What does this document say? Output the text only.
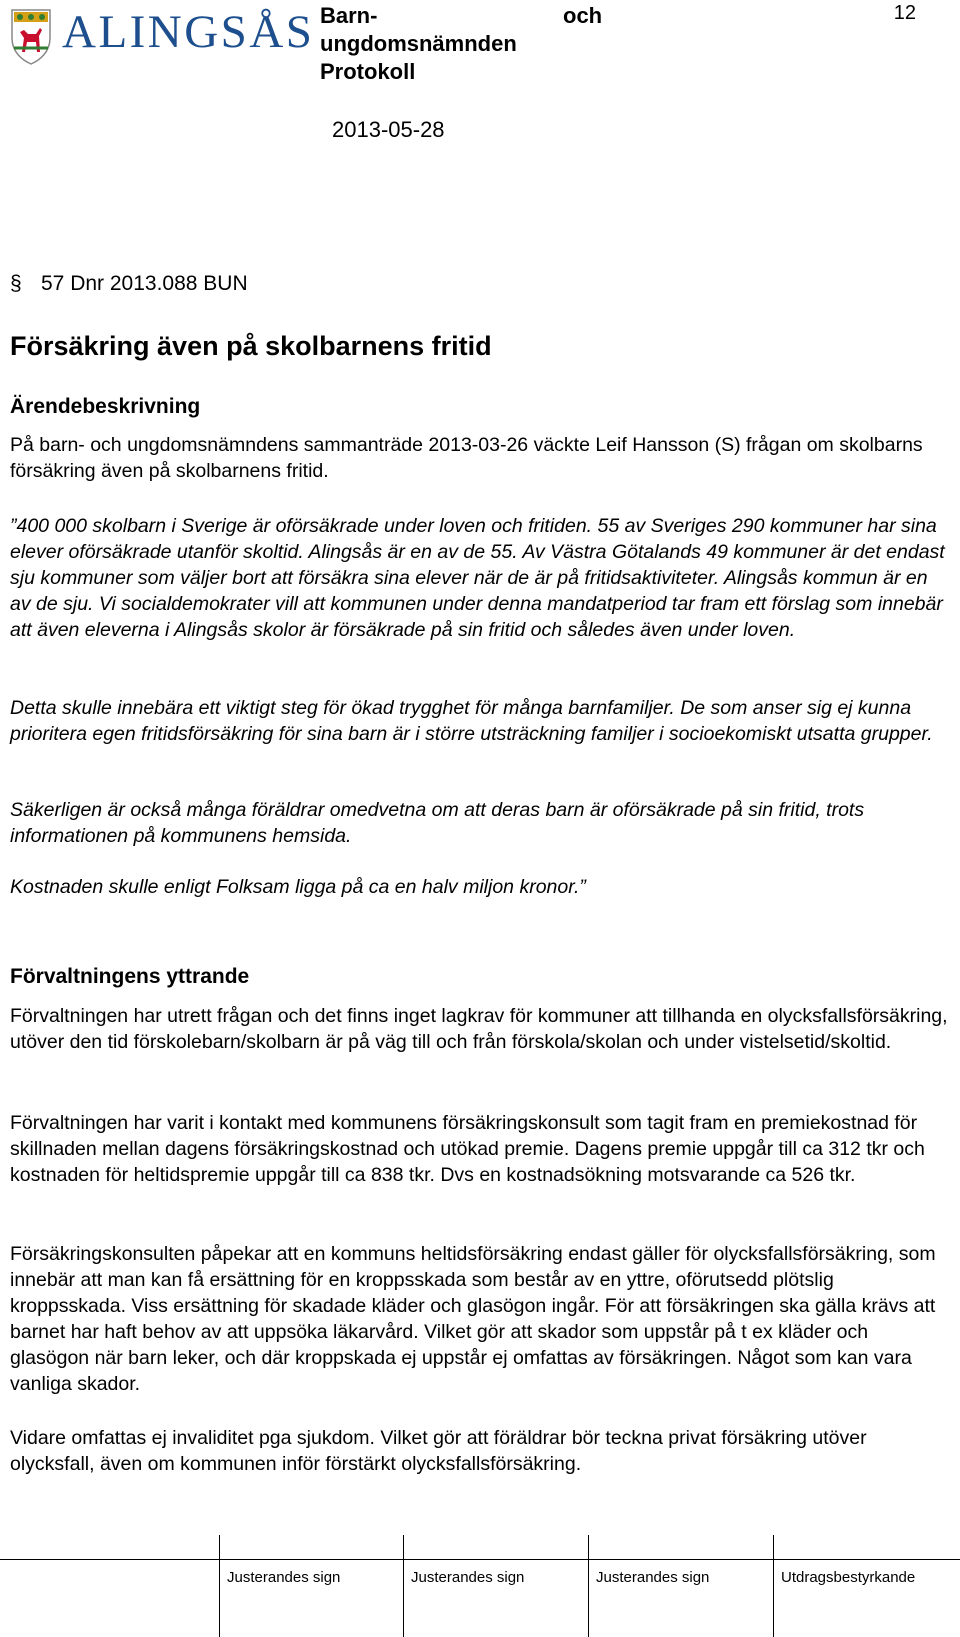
ALINGSÅS Barn-	och
ungdomsnämnden
Protokoll
2013-05-28
12
§ 57 Dnr 2013.088 BUN
Försäkring även på skolbarnens fritid
Ärendebeskrivning
På barn- och ungdomsnämndens sammanträde 2013-03-26 väckte Leif Hansson (S) frågan om skolbarns försäkring även på skolbarnens fritid.
”400 000 skolbarn i Sverige är oförsäkrade under loven och fritiden. 55 av Sveriges 290 kommuner har sina elever oförsäkrade utanför skoltid. Alingsås är en av de 55. Av Västra Götalands 49 kommuner är det endast sju kommuner som väljer bort att försäkra sina elever när de är på fritidsaktiviteter. Alingsås kommun är en av de sju. Vi socialdemokrater vill att kommunen under denna mandatperiod tar fram ett förslag som innebär att även eleverna i Alingsås skolor är försäkrade på sin fritid och således även under loven.
Detta skulle innebära ett viktigt steg för ökad trygghet för många barnfamiljer. De som anser sig ej kunna prioritera egen fritidsförsäkring för sina barn är i större utsträckning familjer i socioekomiskt utsatta grupper.
Säkerligen är också många föräldrar omedvetna om att deras barn är oförsäkrade på sin fritid, trots informationen på kommunens hemsida.
Kostnaden skulle enligt Folksam ligga på ca en halv miljon kronor.”
Förvaltningens yttrande
Förvaltningen har utrett frågan och det finns inget lagkrav för kommuner att tillhanda en olycksfallsförsäkring, utöver den tid förskolebarn/skolbarn är på väg till och från förskola/skolan och under vistelsetid/skoltid.
Förvaltningen har varit i kontakt med kommunens försäkringskonsult som tagit fram en premiekostnad för skillnaden mellan dagens försäkringskostnad och utökad premie. Dagens premie uppgår till ca 312 tkr och kostnaden för heltidspremie uppgår till ca 838 tkr. Dvs en kostnadsökning motsvarande ca 526 tkr.
Försäkringskonsulten påpekar att en kommuns heltidsförsäkring endast gäller för olycksfallsförsäkring, som innebär att man kan få ersättning för en kroppsskada som består av en yttre, oförutsedd plötslig kroppsskada. Viss ersättning för skadade kläder och glasögon ingår. För att försäkringen ska gälla krävs att barnet har haft behov av att uppsöka läkarvård. Vilket gör att skador som uppstår på t ex kläder och glasögon när barn leker, och där kroppskada ej uppstår ej omfattas av försäkringen. Något som kan vara vanliga skador.
Vidare omfattas ej invaliditet pga sjukdom. Vilket gör att föräldrar bör teckna privat försäkring utöver olycksfall, även om kommunen inför förstärkt olycksfallsförsäkring.
Justerandes sign	Justerandes sign	Justerandes sign	Utdragsbestyrkande
